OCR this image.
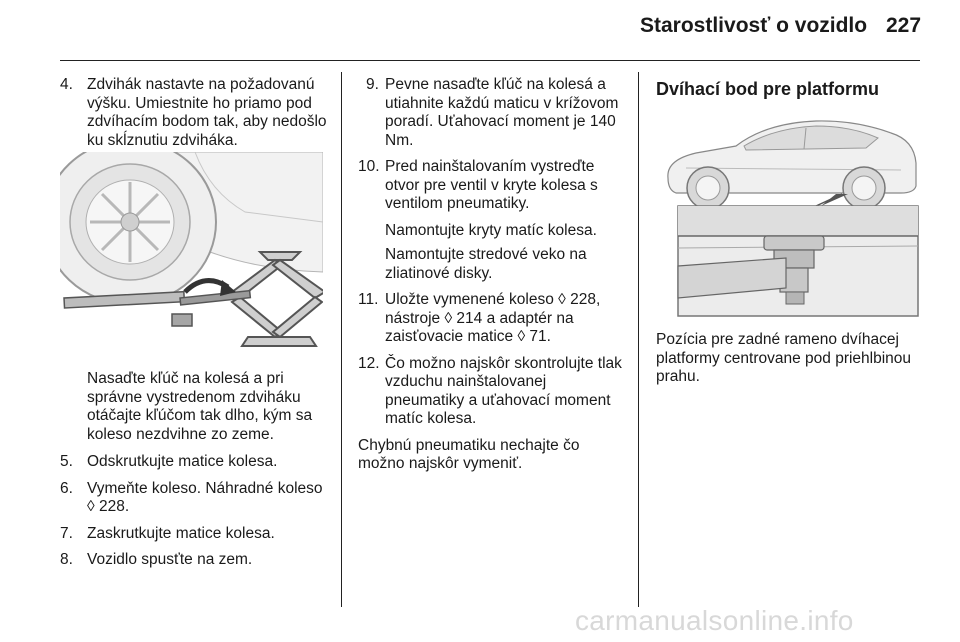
Starostlivosť o vozidlo 227
4. Zdvihák nastavte na požadovanú výšku. Umiestnite ho priamo pod zdvíhacím bodom tak, aby nedošlo ku skĺznutiu zdviháka.
Nasaďte kľúč na kolesá a pri správne vystredenom zdviháku otáčajte kľúčom tak dlho, kým sa koleso nezdvihne zo zeme.
5. Odskrutkujte matice kolesa.
6. Vymeňte koleso. Náhradné koleso ◊ 228.
7. Zaskrutkujte matice kolesa.
8. Vozidlo spusťte na zem.
9. Pevne nasaďte kľúč na kolesá a utiahnite každú maticu v krížovom poradí. Uťahovací moment je 140 Nm.
10. Pred nainštalovaním vystreďte otvor pre ventil v kryte kolesa s ventilom pneumatiky.
Namontujte kryty matíc kolesa.
Namontujte stredové veko na zliatinové disky.
11. Uložte vymenené koleso ◊ 228, nástroje ◊ 214 a adaptér na zaisťovacie matice ◊ 71.
12. Čo možno najskôr skontrolujte tlak vzduchu nainštalovanej pneumatiky a uťahovací moment matíc kolesa.
Chybnú pneumatiku nechajte čo možno najskôr vymeniť.
Dvíhací bod pre platformu
Pozícia pre zadné rameno dvíhacej platformy centrovane pod priehlbinou prahu.
carmanualsonline.info
